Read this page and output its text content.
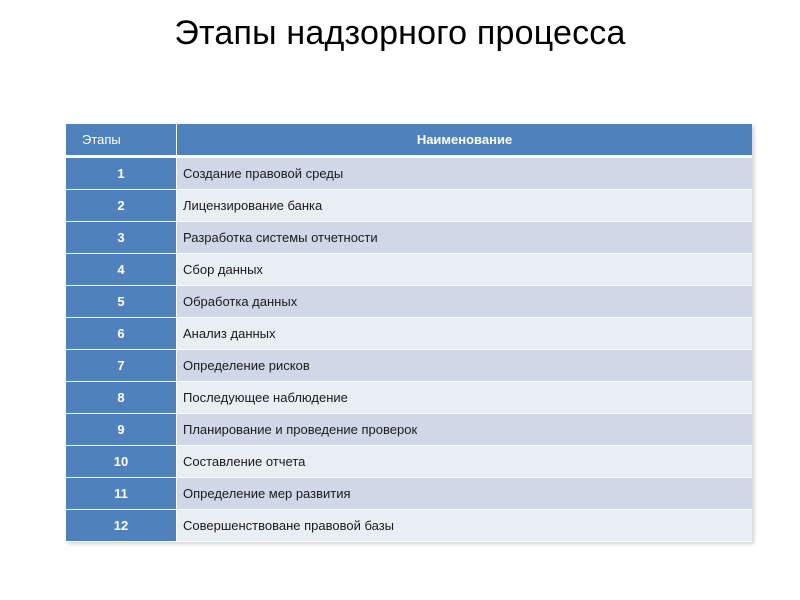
Этапы надзорного процесса
Этапы	Наименование
1	Создание правовой среды
2	Лицензирование банка
3	Разработка системы отчетности
4	Сбор данных
5	Обработка данных
6	Анализ данных
7	Определение рисков
8	Последующее наблюдение
9	Планирование и проведение проверок
10	Составление отчета
11	Определение мер развития
12	Совершенствоване правовой базы
